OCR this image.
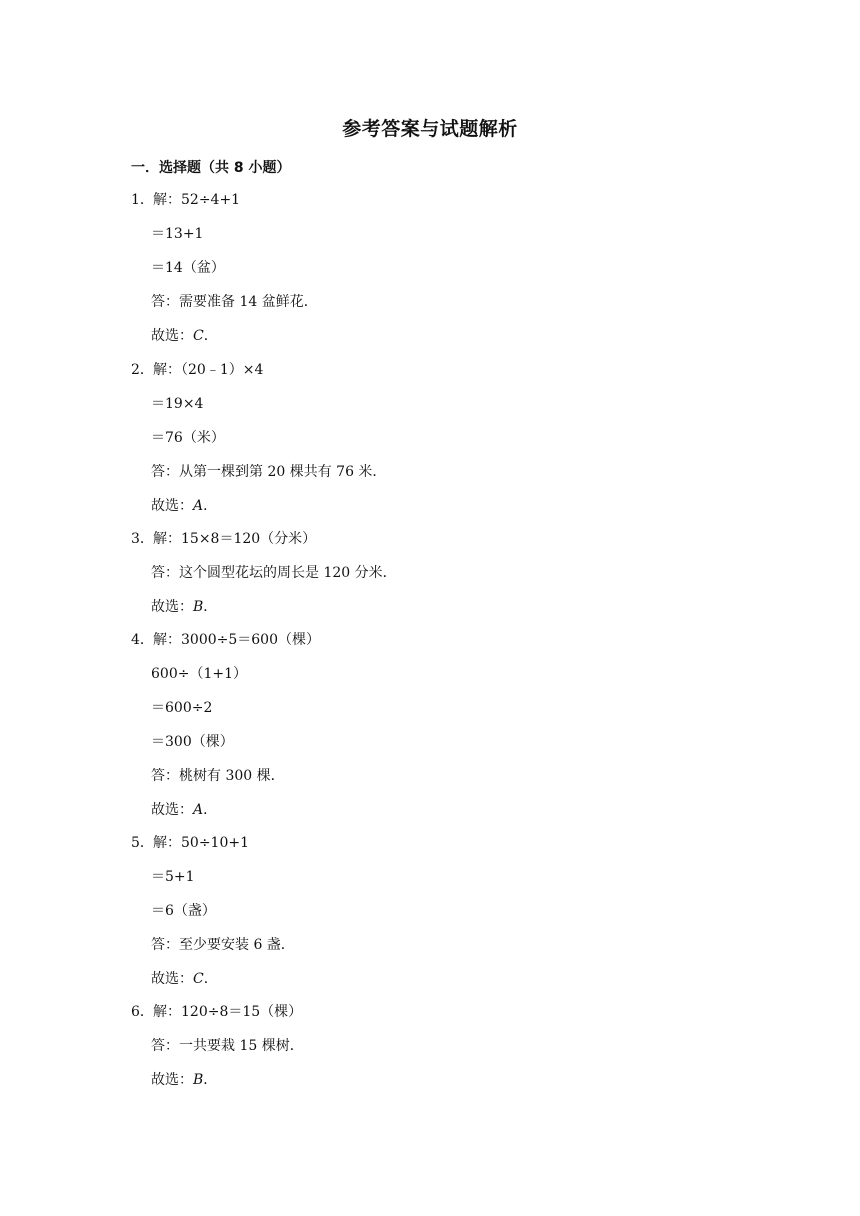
参考答案与试题解析
一．选择题（共 8 小题）
1． 解：52÷4+1
＝13+1
＝14（盆）
答：需要准备 14 盆鲜花．
故选：C．
2． 解：（20﹣1）×4
＝19×4
＝76（米）
答：从第一棵到第 20 棵共有 76 米．
故选：A．
3． 解：15×8＝120（分米）
答：这个圆型花坛的周长是 120 分米．
故选：B．
4． 解：3000÷5＝600（棵）
600÷（1+1）
＝600÷2
＝300（棵）
答：桃树有 300 棵．
故选：A．
5． 解：50÷10+1
＝5+1
＝6（盏）
答：至少要安装 6 盏．
故选：C．
6． 解：120÷8＝15（棵）
答：一共要栽 15 棵树．
故选：B．
